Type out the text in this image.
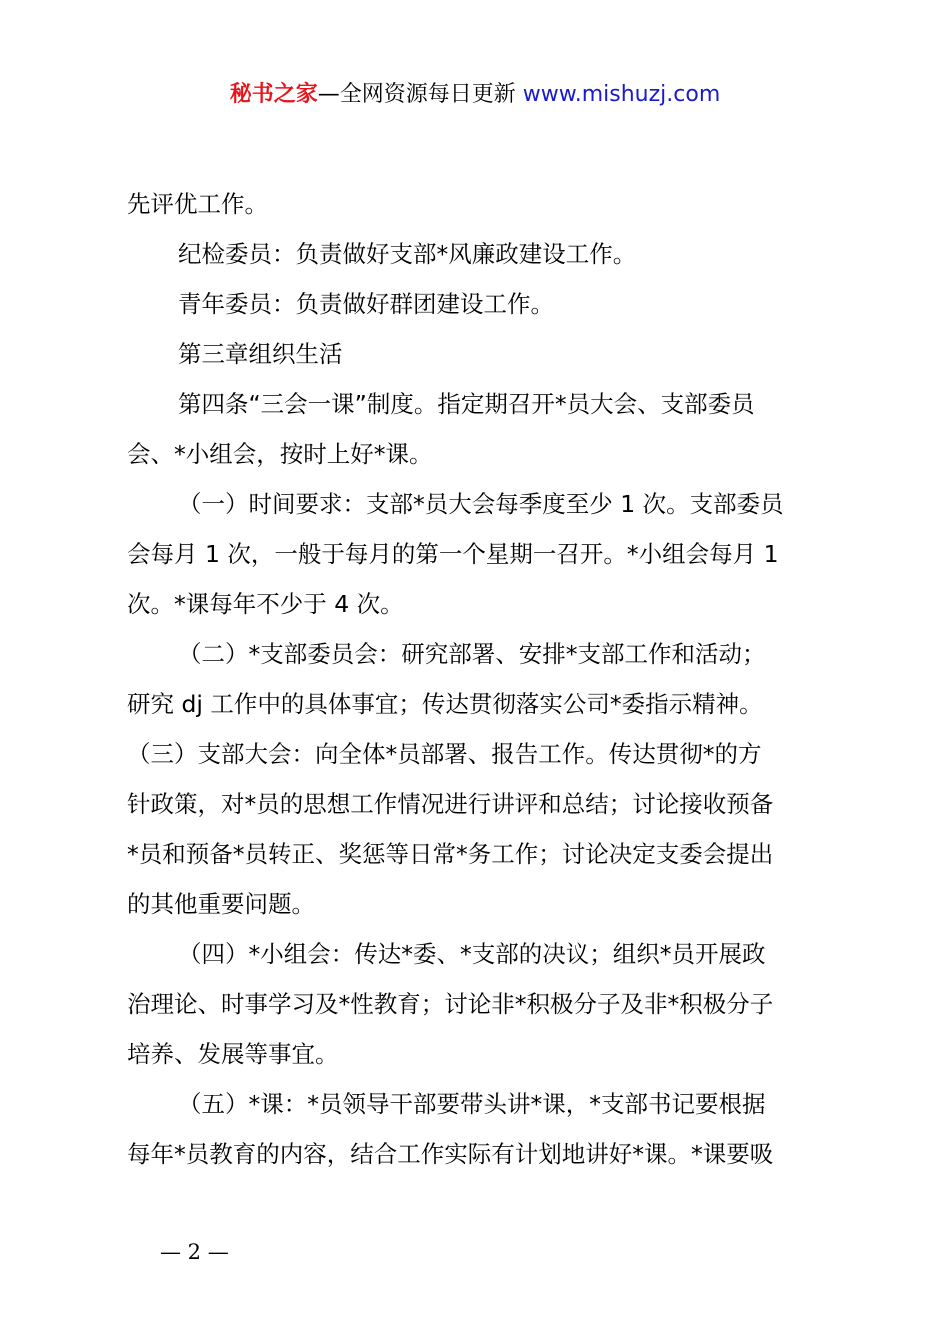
秘书之家—全网资源每日更新 www.mishuzj.com
先评优工作。
纪检委员：负责做好支部*风廉政建设工作。
青年委员：负责做好群团建设工作。
第三章组织生活
第四条“三会一课”制度。指定期召开*员大会、支部委员
会、*小组会，按时上好*课。
（一）时间要求：支部*员大会每季度至少 1 次。支部委员
会每月 1 次，一般于每月的第一个星期一召开。*小组会每月 1
次。*课每年不少于 4 次。
（二）*支部委员会：研究部署、安排*支部工作和活动；
研究 dj 工作中的具体事宜；传达贯彻落实公司*委指示精神。
（三）支部大会：向全体*员部署、报告工作。传达贯彻*的方
针政策，对*员的思想工作情况进行讲评和总结；讨论接收预备
*员和预备*员转正、奖惩等日常*务工作；讨论决定支委会提出
的其他重要问题。
（四）*小组会：传达*委、*支部的决议；组织*员开展政
治理论、时事学习及*性教育；讨论非*积极分子及非*积极分子
培养、发展等事宜。
（五）*课：*员领导干部要带头讲*课，*支部书记要根据
每年*员教育的内容，结合工作实际有计划地讲好*课。*课要吸
— 2 —
